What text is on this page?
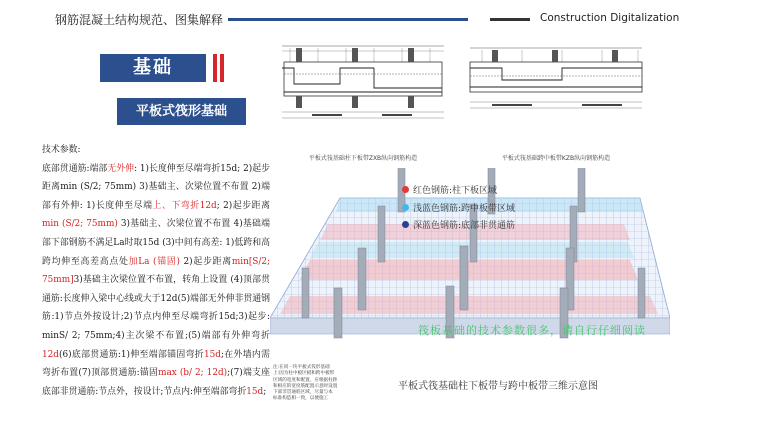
钢筋混凝土结构规范、图集解释	Construction Digitalization
基础
平板式筏形基础
技术参数:
底部贯通筋:端部无外伸: 1)长度伸至尽端弯折15d; 2)起步距离min (S/2; 75mm) 3)基础主、次梁位置不布置 2)端部有外伸: 1)长度伸至尽端上、下弯折12d; 2)起步距离min (S/2; 75mm) 3)基础主、次梁位置不布置 4)基础端部下部钢筋不满足La时取15d (3)中间有高差: 1)低跨和高跨均伸至高差高点处加La (锚固) 2)起步距离min[S/2; 75mm]3)基础主次梁位置不布置，转角上设置 (4)顶部贯通筋:长度伸入梁中心线或大于12d(5)端部无外伸非贯通钢筋:1)节点外按设计;2)节点内伸至尽端弯折15d;3)起步: minS/ 2; 75mm;4)主次梁不布置;(5)端部有外伸弯折12d(6)底部贯通筋:1)伸至端部锚固弯折15d;在外墙内需弯折布置(7)顶部贯通筋:锚固max (b/ 2; 12d);(7)端支座底部非贯通筋:节点外，按设计;节点内:伸至端部弯折15d;
平板式筏基础柱下板带ZXB纵向钢筋构造	平板式筏基础跨中板带KZB纵向钢筋构造
红色钢筋:柱下板区域
浅蓝色钢筋:跨中板带区域
深蓝色钢筋:底部非贯通筋
筏板基础的技术参数很多，请自行仔细阅读
平板式筏基础柱下板带与跨中板带三维示意图
注:在同一块平板式筏形基础
上:因为柱中板区板和跨中板带
区域的宽度和配置，应根据柱距
和相应的宽度筋配置示意时设置
下部非贯通筋区域，尽量与本
标准构造相一致，以便施工
